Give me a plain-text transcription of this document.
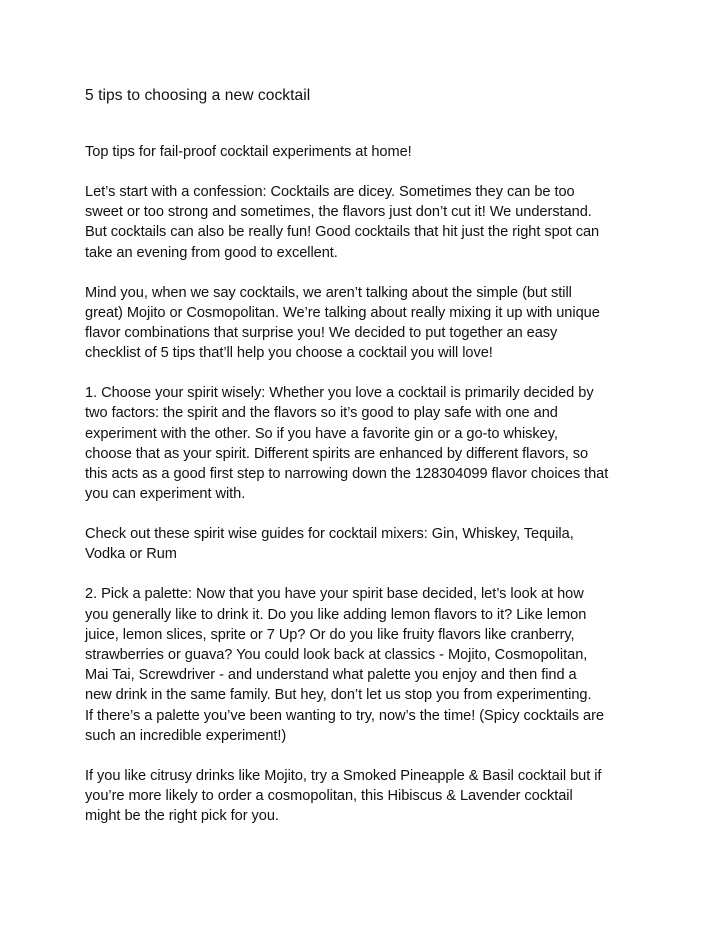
5 tips to choosing a new cocktail
Top tips for fail-proof cocktail experiments at home!
Let’s start with a confession: Cocktails are dicey. Sometimes they can be too
sweet or too strong and sometimes, the flavors just don’t cut it! We understand.
But cocktails can also be really fun! Good cocktails that hit just the right spot can
take an evening from good to excellent.
Mind you, when we say cocktails, we aren’t talking about the simple (but still
great) Mojito or Cosmopolitan. We’re talking about really mixing it up with unique
flavor combinations that surprise you! We decided to put together an easy
checklist of 5 tips that’ll help you choose a cocktail you will love!
1. Choose your spirit wisely: Whether you love a cocktail is primarily decided by
two factors: the spirit and the flavors so it’s good to play safe with one and
experiment with the other. So if you have a favorite gin or a go-to whiskey,
choose that as your spirit. Different spirits are enhanced by different flavors, so
this acts as a good first step to narrowing down the 128304099 flavor choices that
you can experiment with.
Check out these spirit wise guides for cocktail mixers: Gin, Whiskey, Tequila,
Vodka or Rum
2. Pick a palette: Now that you have your spirit base decided, let’s look at how
you generally like to drink it. Do you like adding lemon flavors to it? Like lemon
juice, lemon slices, sprite or 7 Up? Or do you like fruity flavors like cranberry,
strawberries or guava? You could look back at classics - Mojito, Cosmopolitan,
Mai Tai, Screwdriver - and understand what palette you enjoy and then find a
new drink in the same family. But hey, don’t let us stop you from experimenting.
If there’s a palette you’ve been wanting to try, now’s the time! (Spicy cocktails are
such an incredible experiment!)
If you like citrusy drinks like Mojito, try a Smoked Pineapple & Basil cocktail but if
you’re more likely to order a cosmopolitan, this Hibiscus & Lavender cocktail
might be the right pick for you.
